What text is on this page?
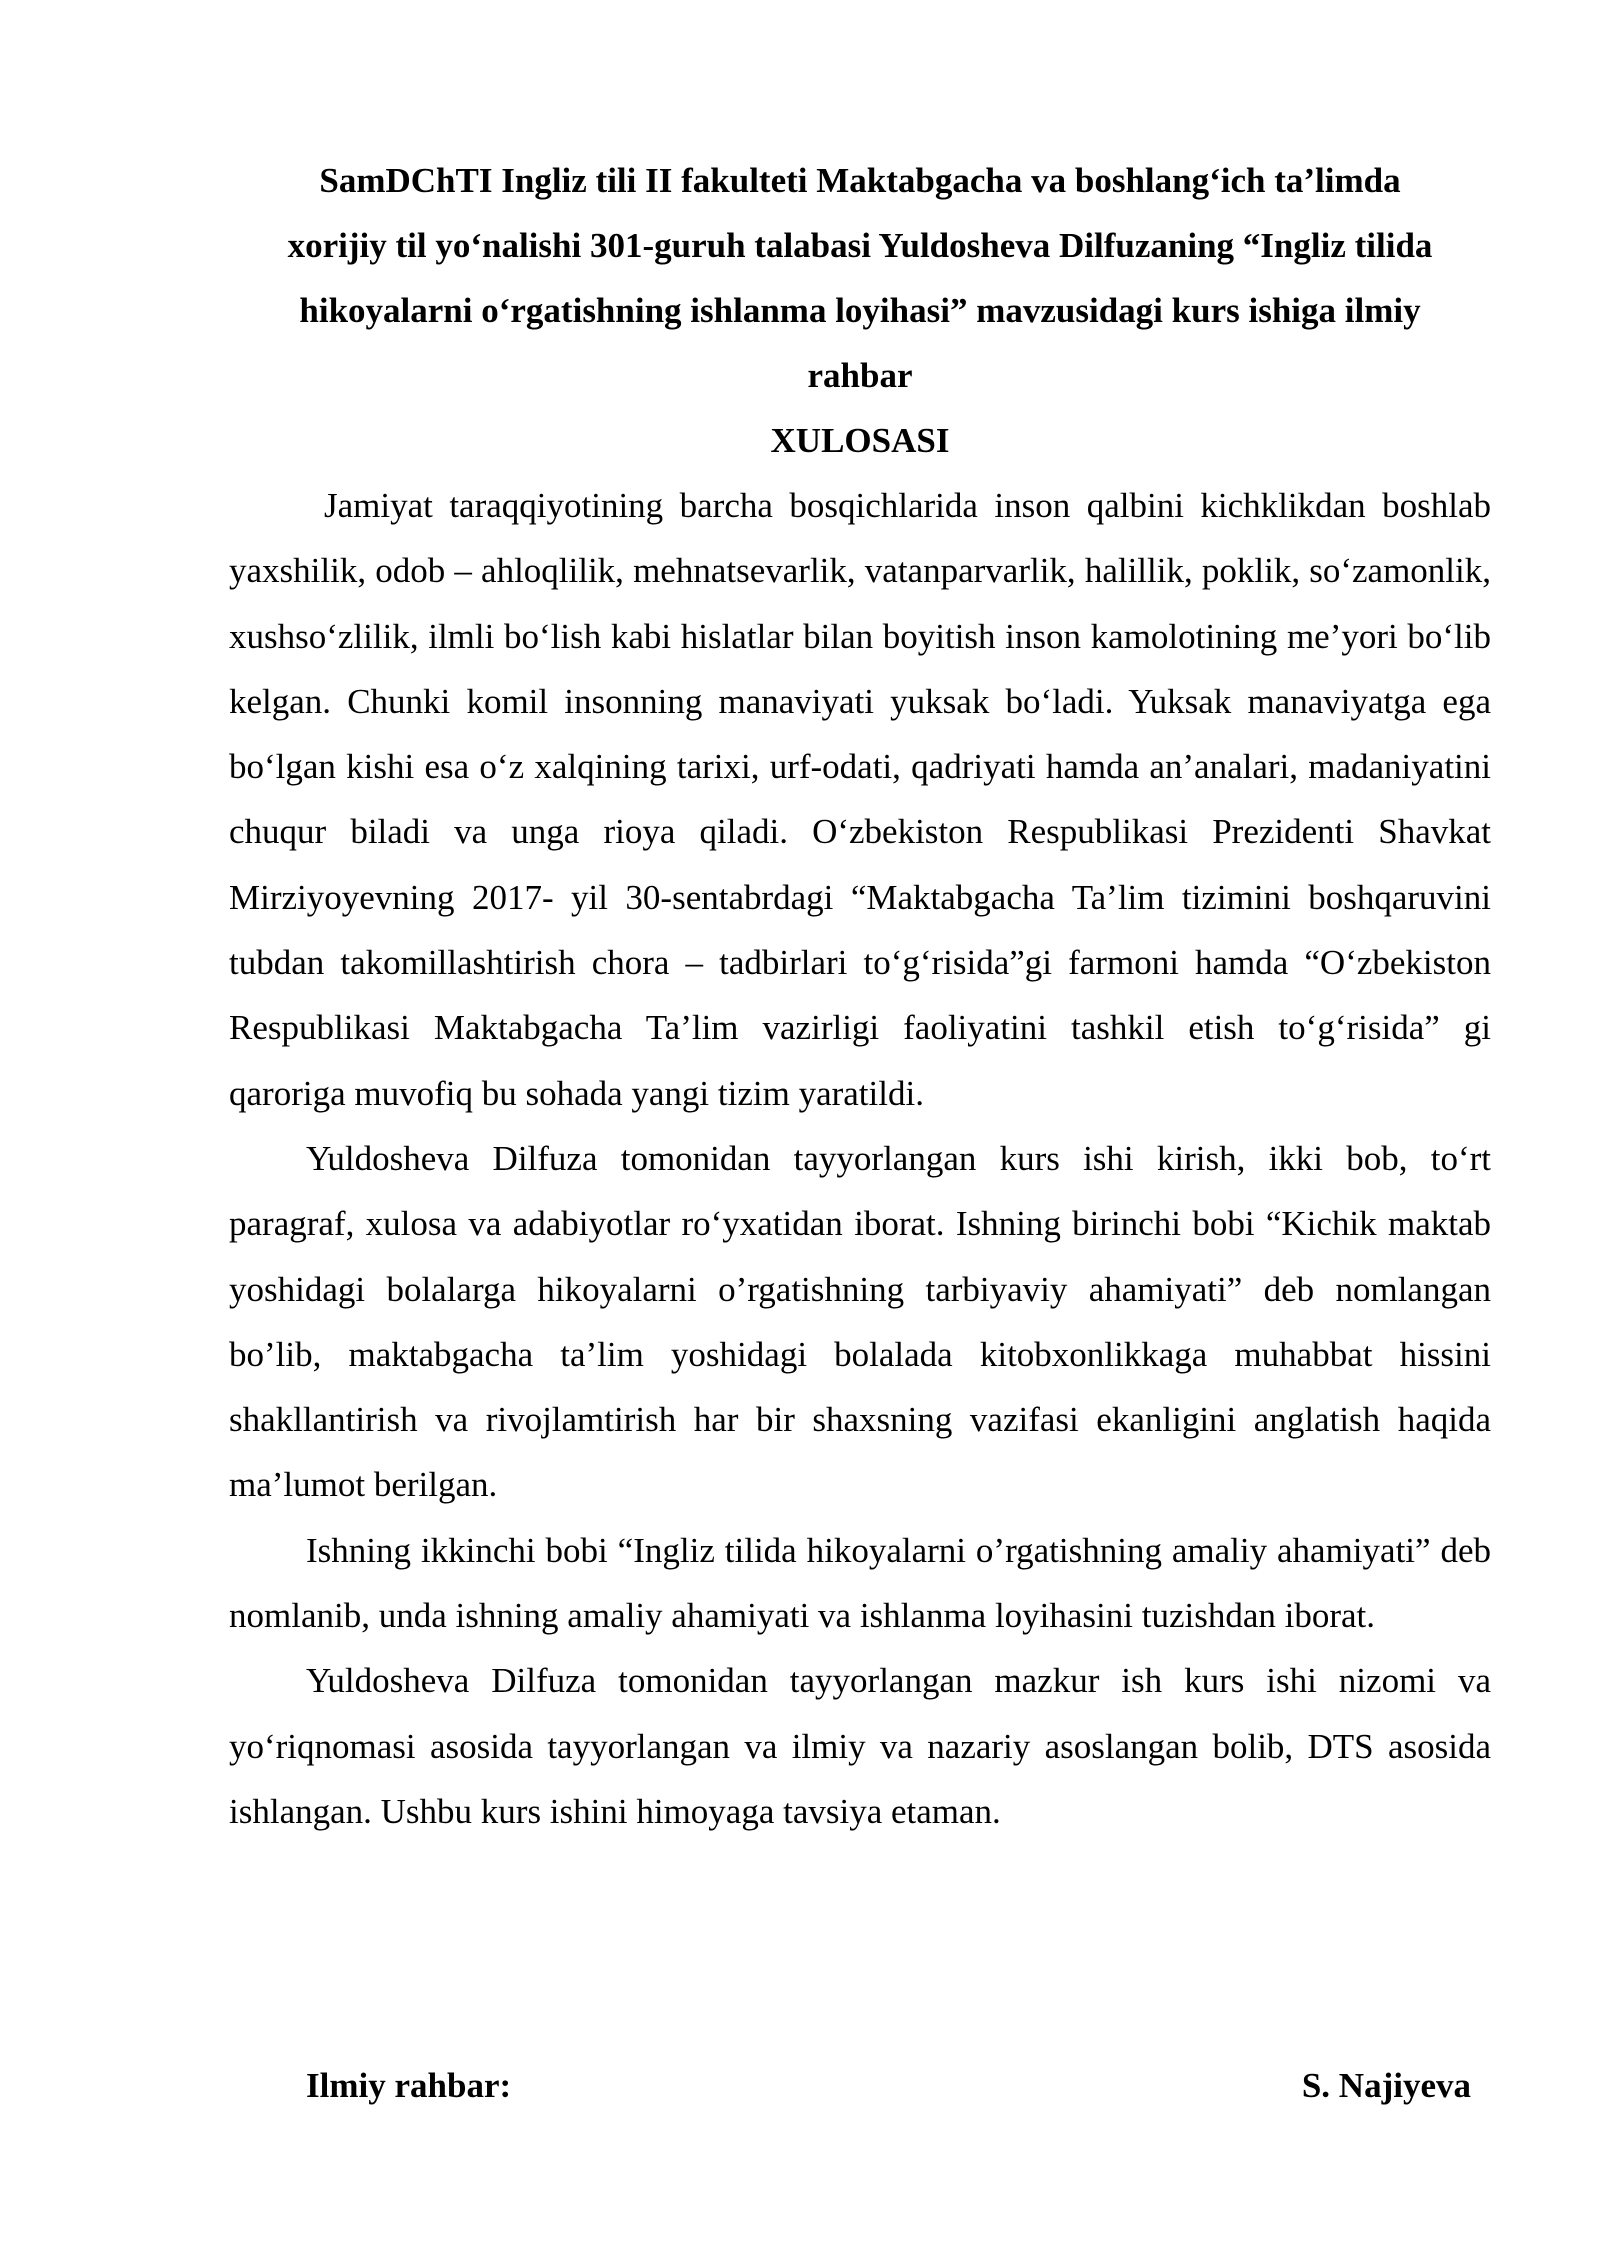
SamDChTI Ingliz tili II fakulteti Maktabgacha va boshlang‘ich ta’limda

xorijiy til yo‘nalishi 301-guruh talabasi Yuldosheva Dilfuzaning “Ingliz tilida

hikoyalarni o‘rgatishning ishlanma loyihasi” mavzusidagi kurs ishiga ilmiy

rahbar

XULOSASI

Jamiyat taraqqiyotining barcha bosqichlarida inson qalbini kichklikdan boshlab yaxshilik, odob – ahloqlilik, mehnatsevarlik, vatanparvarlik, halillik, poklik, so‘zamonlik, xushso‘zlilik, ilmli bo‘lish kabi hislatlar bilan boyitish inson kamolotining me’yori bo‘lib kelgan. Chunki komil insonning manaviyati yuksak bo‘ladi. Yuksak manaviyatga ega bo‘lgan kishi esa o‘z xalqining tarixi, urf-odati, qadriyati hamda an’analari, madaniyatini chuqur biladi va unga rioya qiladi. O‘zbekiston Respublikasi Prezidenti Shavkat Mirziyoyevning 2017- yil 30-sentabrdagi “Maktabgacha Ta’lim tizimini boshqaruvini tubdan takomillashtirish chora – tadbirlari to‘g‘risida”gi farmoni hamda “O‘zbekiston Respublikasi Maktabgacha Ta’lim vazirligi faoliyatini tashkil etish to‘g‘risida” gi qaroriga muvofiq bu sohada yangi tizim yaratildi.

Yuldosheva Dilfuza tomonidan tayyorlangan kurs ishi kirish, ikki bob, to‘rt paragraf, xulosa va adabiyotlar ro‘yxatidan iborat. Ishning birinchi bobi “Kichik maktab yoshidagi bolalarga hikoyalarni o’rgatishning tarbiyaviy ahamiyati” deb nomlangan bo’lib, maktabgacha ta’lim yoshidagi bolalada kitobxonlikkaga muhabbat hissini shakllantirish va rivojlamtirish har bir shaxsning vazifasi ekanligini anglatish haqida ma’lumot berilgan.

Ishning ikkinchi bobi “Ingliz tilida hikoyalarni o’rgatishning amaliy ahamiyati” deb nomlanib, unda ishning amaliy ahamiyati va ishlanma loyihasini tuzishdan iborat.

Yuldosheva Dilfuza tomonidan tayyorlangan mazkur ish kurs ishi nizomi va yo‘riqnomasi asosida tayyorlangan va ilmiy va nazariy asoslangan bolib, DTS asosida ishlangan. Ushbu kurs ishini himoyaga tavsiya etaman.

Ilmiy rahbar:	S. Najiyeva
